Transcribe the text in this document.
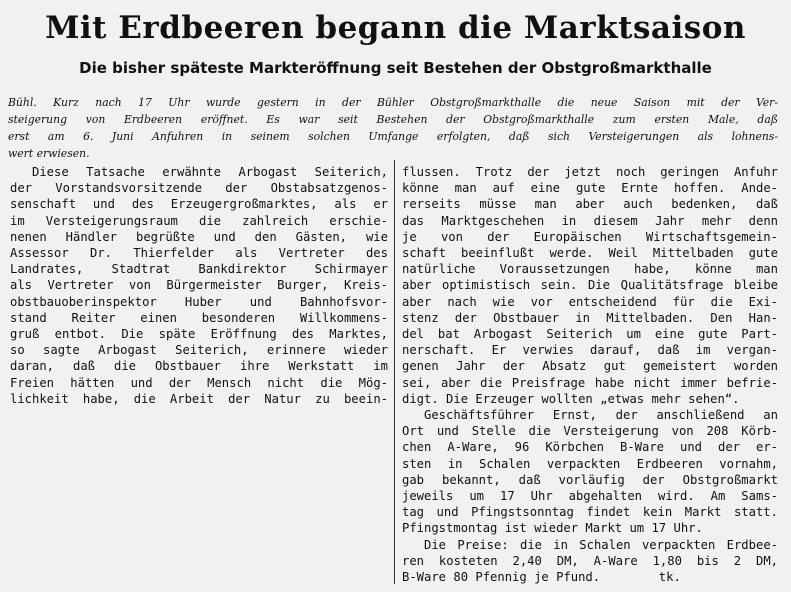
Mit Erdbeeren begann die Marktsaison
Die bisher späteste Markteröffnung seit Bestehen der Obstgroßmarkthalle
Bühl. Kurz nach 17 Uhr wurde gestern in der Bühler Obstgroßmarkthalle die neue Saison mit der Ver-
steigerung von Erdbeeren eröffnet. Es war seit Bestehen der Obstgroßmarkthalle zum ersten Male, daß
erst am 6. Juni Anfuhren in seinem solchen Umfange erfolgten, daß sich Versteigerungen als lohnens-
wert erwiesen.
Diese Tatsache erwähnte Arbogast Seiterich,
der Vorstandsvorsitzende der Obstabsatzgenos-
senschaft und des Erzeugergroßmarktes, als er
im Versteigerungsraum die zahlreich erschie-
nenen Händler begrüßte und den Gästen, wie
Assessor Dr. Thierfelder als Vertreter des
Landrates, Stadtrat Bankdirektor Schirmayer
als Vertreter von Bürgermeister Burger, Kreis-
obstbauoberinspektor Huber und Bahnhofsvor-
stand Reiter einen besonderen Willkommens-
gruß entbot. Die späte Eröffnung des Marktes,
so sagte Arbogast Seiterich, erinnere wieder
daran, daß die Obstbauer ihre Werkstatt im
Freien hätten und der Mensch nicht die Mög-
lichkeit habe, die Arbeit der Natur zu beein-
flussen. Trotz der jetzt noch geringen Anfuhr
könne man auf eine gute Ernte hoffen. Ande-
rerseits müsse man aber auch bedenken, daß
das Marktgeschehen in diesem Jahr mehr denn
je von der Europäischen Wirtschaftsgemein-
schaft beeinflußt werde. Weil Mittelbaden gute
natürliche Voraussetzungen habe, könne man
aber optimistisch sein. Die Qualitätsfrage bleibe
aber nach wie vor entscheidend für die Exi-
stenz der Obstbauer in Mittelbaden. Den Han-
del bat Arbogast Seiterich um eine gute Part-
nerschaft. Er verwies darauf, daß im vergan-
genen Jahr der Absatz gut gemeistert worden
sei, aber die Preisfrage habe nicht immer befrie-
digt. Die Erzeuger wollten „etwas mehr sehen“.
Geschäftsführer Ernst, der anschließend an
Ort und Stelle die Versteigerung von 208 Körb-
chen A-Ware, 96 Körbchen B-Ware und der er-
sten in Schalen verpackten Erdbeeren vornahm,
gab bekannt, daß vorläufig der Obstgroßmarkt
jeweils um 17 Uhr abgehalten wird. Am Sams-
tag und Pfingstsonntag findet kein Markt statt.
Pfingstmontag ist wieder Markt um 17 Uhr.
Die Preise: die in Schalen verpackten Erdbee-
ren kosteten 2,40 DM, A-Ware 1,80 bis 2 DM,
B-Ware 80 Pfennig je Pfund.        tk.
